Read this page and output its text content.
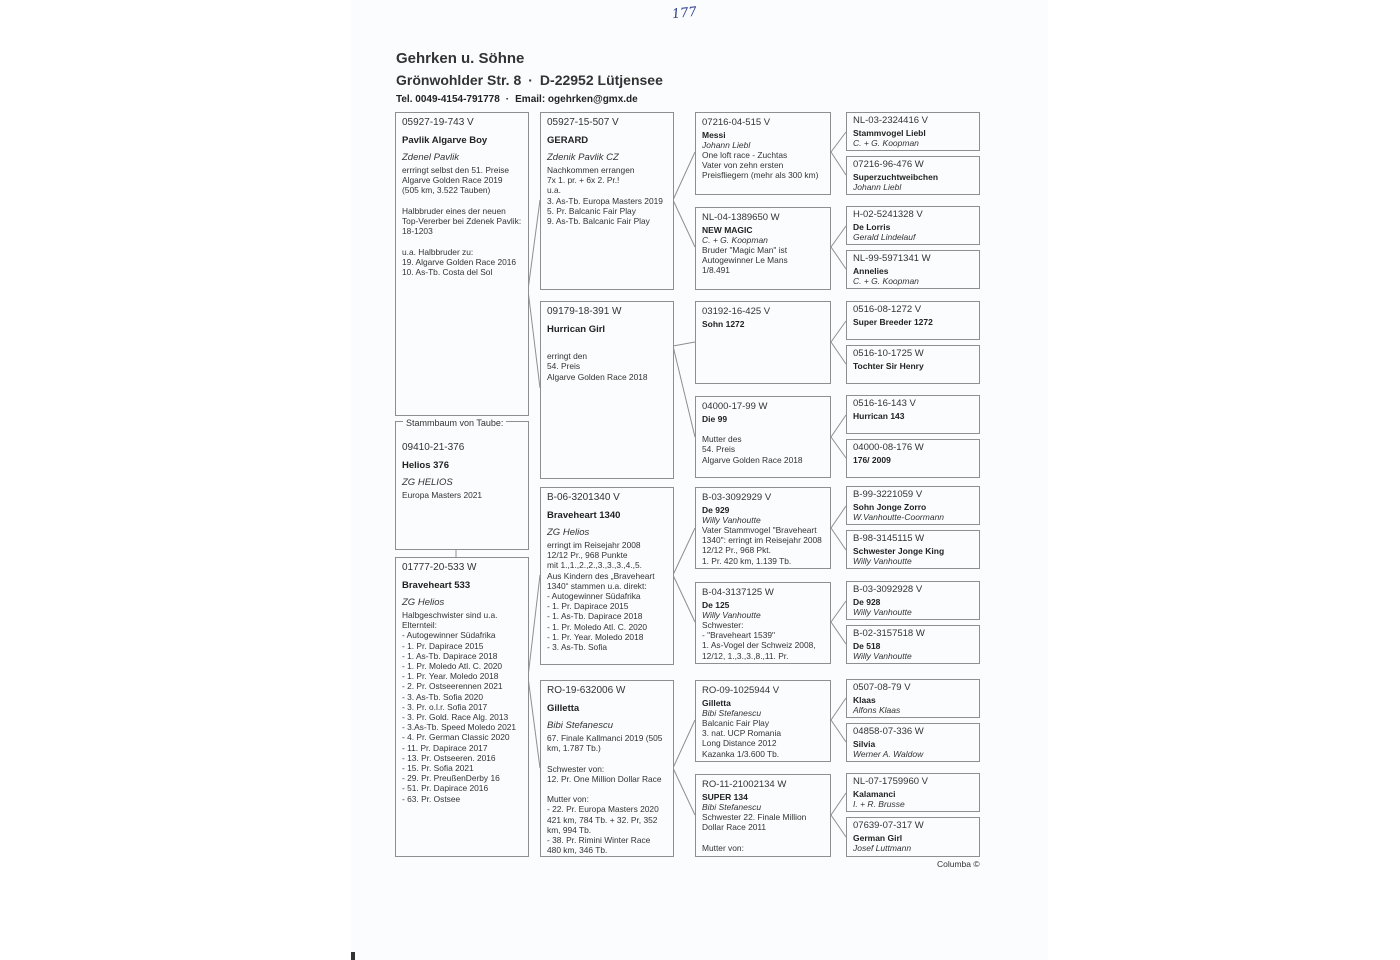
177
Gehrken u. Söhne
Grönwohlder Str. 8 · D-22952 Lütjensee
Tel. 0049-4154-791778 · Email: ogehrken@gmx.de
05927-19-743 V
Pavlik Algarve Boy
Zdenel Pavlik
errringt selbst den 51. Preise
Algarve Golden Race 2019
(505 km, 3.522 Tauben)

Halbbruder eines der neuen
Top-Vererber bei Zdenek Pavlik:
18-1203

u.a. Halbbruder zu:
19. Algarve Golden Race 2016
10. As-Tb. Costa del Sol
09410-21-376
Helios 376
ZG HELIOS
Europa Masters 2021
Stammbaum von Taube:
01777-20-533 W
Braveheart 533
ZG Helios
Halbgeschwister sind u.a.
Elternteil:
- Autogewinner Südafrika
- 1. Pr. Dapirace 2015
- 1. As-Tb. Dapirace 2018
- 1. Pr. Moledo Atl. C. 2020
- 1. Pr. Year. Moledo 2018
- 2. Pr. Ostseerennen 2021
- 3. As-Tb. Sofia 2020
- 3. Pr. o.l.r. Sofia 2017
- 3. Pr. Gold. Race Alg. 2013
- 3.As-Tb. Speed Moledo 2021
- 4. Pr. German Classic 2020
- 11. Pr. Dapirace 2017
- 13. Pr. Ostseeren. 2016
- 15. Pr. Sofia 2021
- 29. Pr. PreußenDerby 16
- 51. Pr. Dapirace 2016
- 63. Pr. Ostsee
05927-15-507 V
GERARD
Zdenik Pavlik CZ
Nachkommen errangen
7x 1. pr. + 6x 2. Pr.!
u.a.
3. As-Tb. Europa Masters 2019
5. Pr. Balcanic Fair Play
9. As-Tb. Balcanic Fair Play
09179-18-391 W
Hurrican Girl

erringt den
54. Preis
Algarve Golden Race 2018
B-06-3201340 V
Braveheart 1340
ZG Helios
erringt im Reisejahr 2008
12/12 Pr., 968 Punkte
mit 1.,1.,2.,2.,3.,3.,3.,4.,5.
Aus Kindern des „Braveheart
1340“ stammen u.a. direkt:
- Autogewinner Südafrika
- 1. Pr. Dapirace 2015
- 1. As-Tb. Dapirace 2018
- 1. Pr. Moledo Atl. C. 2020
- 1. Pr. Year. Moledo 2018
- 3. As-Tb. Sofia
RO-19-632006 W
Gilletta
Bibi Stefanescu
67. Finale Kallmanci 2019 (505
km, 1.787 Tb.)

Schwester von:
12. Pr. One Million Dollar Race

Mutter von:
- 22. Pr. Europa Masters 2020
421 km, 784 Tb. + 32. Pr, 352
km, 994 Tb.
- 38. Pr. Rimini Winter Race
480 km, 346 Tb.
07216-04-515 V
Messi
Johann Liebl
One loft race - Zuchtas
Vater von zehn ersten
Preisfliegern (mehr als 300 km)
NL-04-1389650 W
NEW MAGIC
C. + G. Koopman
Bruder "Magic Man" ist
Autogewinner Le Mans
1/8.491
03192-16-425 V
Sohn 1272
04000-17-99 W
Die 99

Mutter des
54. Preis
Algarve Golden Race 2018
B-03-3092929 V
De 929
Willy Vanhoutte
Vater Stammvogel "Braveheart
1340": erringt im Reisejahr 2008
12/12 Pr., 968 Pkt.
1. Pr. 420 km, 1.139 Tb.
B-04-3137125 W
De 125
Willy Vanhoutte
Schwester:
- "Braveheart 1539"
1. As-Vogel der Schweiz 2008,
12/12, 1.,3.,3.,8.,11. Pr.
RO-09-1025944 V
Gilletta
Bibi Stefanescu
Balcanic Fair Play
3. nat. UCP Romania
Long Distance 2012
Kazanka 1/3.600 Tb.
RO-11-21002134 W
SUPER 134
Bibi Stefanescu
Schwester 22. Finale Million
Dollar Race 2011

Mutter von:
NL-03-2324416 V
Stammvogel Liebl
C. + G. Koopman
07216-96-476 W
Superzuchtweibchen
Johann Liebl
H-02-5241328 V
De Lorris
Gerald Lindelauf
NL-99-5971341 W
Annelies
C. + G. Koopman
0516-08-1272 V
Super Breeder 1272
0516-10-1725 W
Tochter Sir Henry
0516-16-143 V
Hurrican 143
04000-08-176 W
176/ 2009
B-99-3221059 V
Sohn Jonge Zorro
W.Vanhoutte-Coormann
B-98-3145115 W
Schwester Jonge King
Willy Vanhoutte
B-03-3092928 V
De 928
Willy Vanhoutte
B-02-3157518 W
De 518
Willy Vanhoutte
0507-08-79 V
Klaas
Alfons Klaas
04858-07-336 W
Silvia
Werner A. Waldow
NL-07-1759960 V
Kalamanci
I. + R. Brusse
07639-07-317 W
German Girl
Josef Luttmann
Columba ©
